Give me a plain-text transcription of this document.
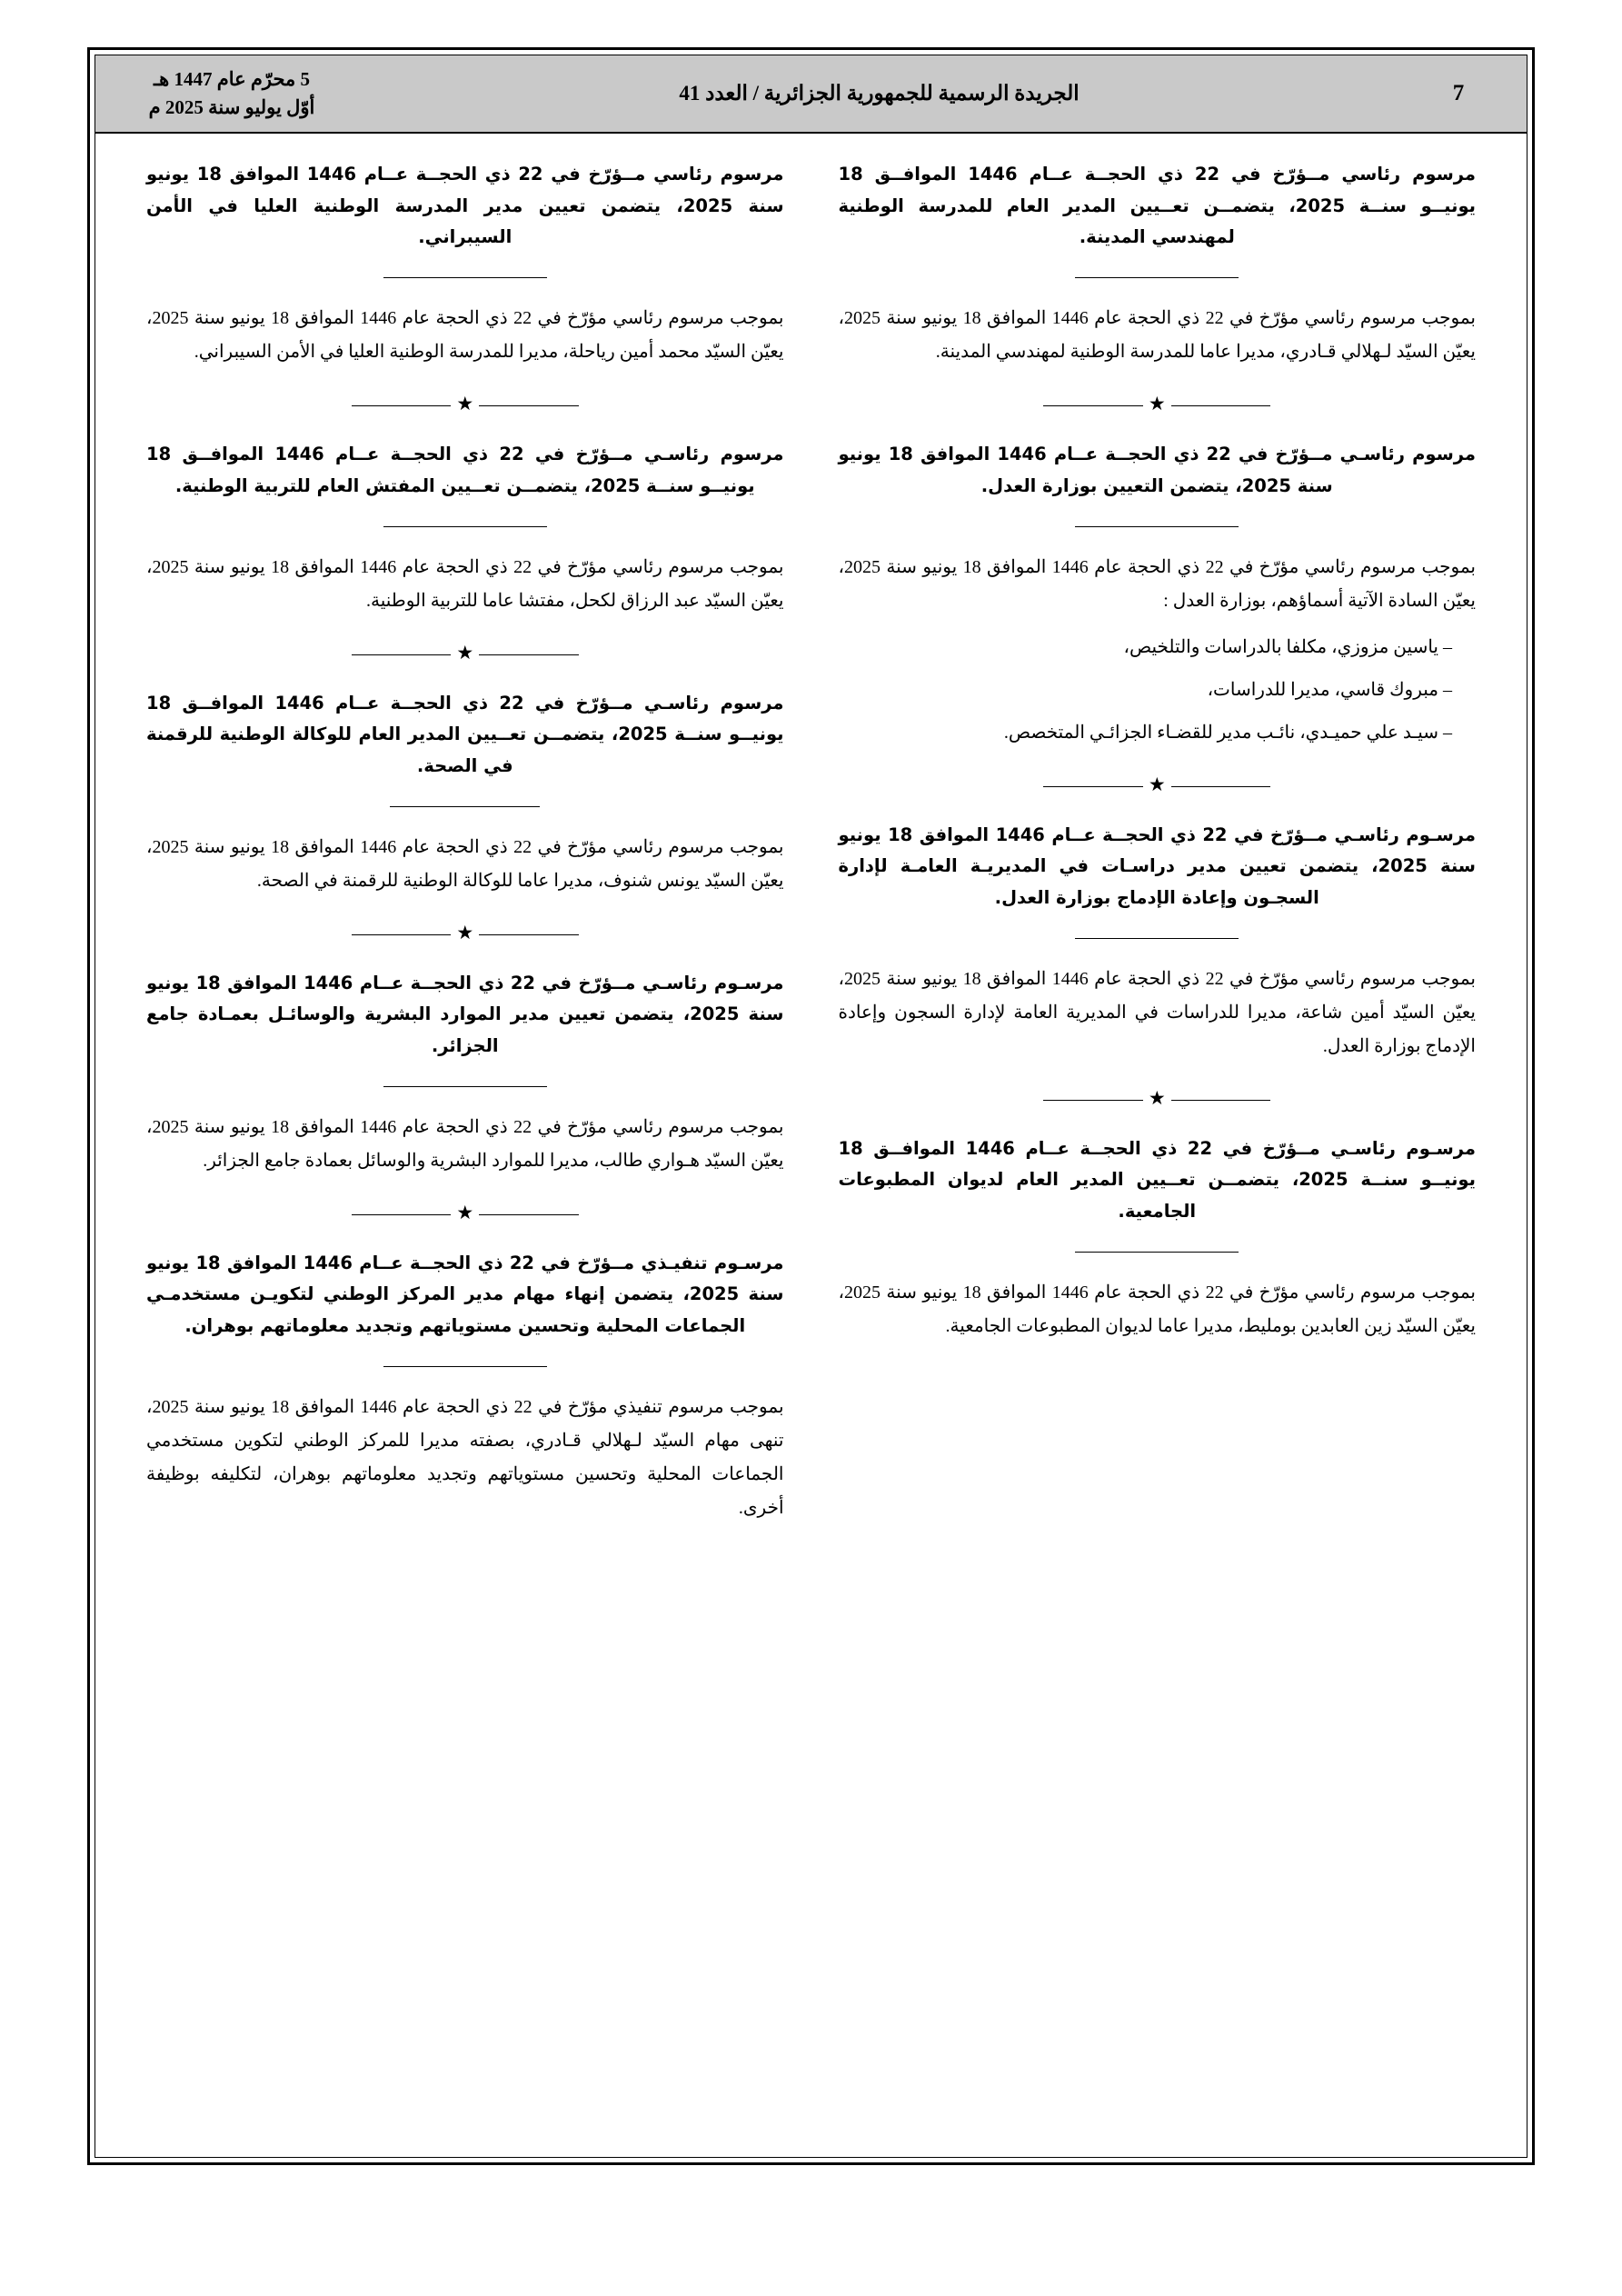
7
الجريدة الرسمية للجمهورية الجزائرية / العدد 41
5 محرّم عام 1447 هـ
أوّل يوليو سنة 2025 م

مرسوم رئاسي مــؤرّخ في 22 ذي الحجــة عــام 1446 الموافــق 18 يونيــو سنــة 2025، يتضمــن تعــيين المدير العام للمدرسة الوطنية لمهندسي المدينة.

بموجب مرسوم رئاسي مؤرّخ في 22 ذي الحجة عام 1446 الموافق 18 يونيو سنة 2025، يعيّن السيّد لـهلالي قـادري، مديرا عاما للمدرسة الوطنية لمهندسي المدينة.

★

مرسوم رئاسـي مــؤرّخ في 22 ذي الحجــة عــام 1446 الموافق 18 يونيو سنة 2025، يتضمن التعيين بوزارة العدل.

بموجب مرسوم رئاسي مؤرّخ في 22 ذي الحجة عام 1446 الموافق 18 يونيو سنة 2025، يعيّن السادة الآتية أسماؤهم، بوزارة العدل :

– ياسين مزوزي، مكلفا بالدراسات والتلخيص،

– مبروك قاسي، مديرا للدراسات،

– سيـد علي حميـدي، نائـب مدير للقضـاء الجزائـي المتخصص.

★

مرسـوم رئاسـي مــؤرّخ في 22 ذي الحجــة عــام 1446 الموافق 18 يونيو سنة 2025، يتضمن تعيين مدير دراسـات في المديريـة العامـة لإدارة السجـون وإعادة الإدماج بوزارة العدل.

بموجب مرسوم رئاسي مؤرّخ في 22 ذي الحجة عام 1446 الموافق 18 يونيو سنة 2025، يعيّن السيّد أمين شاعة، مديرا للدراسات في المديرية العامة لإدارة السجون وإعادة الإدماج بوزارة العدل.

★

مرسـوم رئاسـي مــؤرّخ في 22 ذي الحجــة عــام 1446 الموافــق 18 يونيــو سنــة 2025، يتضمــن تعــيين المدير العام لديوان المطبوعات الجامعية.

بموجب مرسوم رئاسي مؤرّخ في 22 ذي الحجة عام 1446 الموافق 18 يونيو سنة 2025، يعيّن السيّد زين العابدين بومليط، مديرا عاما لديوان المطبوعات الجامعية.

مرسوم رئاسي مــؤرّخ في 22 ذي الحجــة عــام 1446 الموافق 18 يونيو سنة 2025، يتضمن تعيين مدير المدرسة الوطنية العليا في الأمن السيبراني.

بموجب مرسوم رئاسي مؤرّخ في 22 ذي الحجة عام 1446 الموافق 18 يونيو سنة 2025، يعيّن السيّد محمد أمين رياحلة، مديرا للمدرسة الوطنية العليا في الأمن السيبراني.

★

مرسوم رئاسـي مــؤرّخ في 22 ذي الحجــة عــام 1446 الموافــق 18 يونيــو سنــة 2025، يتضمــن تعــيين المفتش العام للتربية الوطنية.

بموجب مرسوم رئاسي مؤرّخ في 22 ذي الحجة عام 1446 الموافق 18 يونيو سنة 2025، يعيّن السيّد عبد الرزاق لكحل، مفتشا عاما للتربية الوطنية.

★

مرسوم رئاسـي مــؤرّخ في 22 ذي الحجــة عــام 1446 الموافــق 18 يونيــو سنــة 2025، يتضمــن تعــيين المدير العام للوكالة الوطنية للرقمنة في الصحة.

بموجب مرسوم رئاسي مؤرّخ في 22 ذي الحجة عام 1446 الموافق 18 يونيو سنة 2025، يعيّن السيّد يونس شنوف، مديرا عاما للوكالة الوطنية للرقمنة في الصحة.

★

مرسـوم رئاسـي مــؤرّخ في 22 ذي الحجــة عــام 1446 الموافق 18 يونيو سنة 2025، يتضمن تعيين مدير الموارد البشرية والوسائـل بعمـادة جامع الجزائر.

بموجب مرسوم رئاسي مؤرّخ في 22 ذي الحجة عام 1446 الموافق 18 يونيو سنة 2025، يعيّن السيّد هـواري طالب، مديرا للموارد البشرية والوسائل بعمادة جامع الجزائر.

★

مرسـوم تنفيـذي مــؤرّخ في 22 ذي الحجــة عــام 1446 الموافق 18 يونيو سنة 2025، يتضمن إنهاء مهام مدير المركز الوطني لتكويـن مستخدمـي الجماعات المحلية وتحسين مستوياتهم وتجديد معلوماتهم بوهران.

بموجب مرسوم تنفيذي مؤرّخ في 22 ذي الحجة عام 1446 الموافق 18 يونيو سنة 2025، تنهى مهام السيّد لـهلالي قـادري، بصفته مديرا للمركز الوطني لتكوين مستخدمي الجماعات المحلية وتحسين مستوياتهم وتجديد معلوماتهم بوهران، لتكليفه بوظيفة أخرى.
